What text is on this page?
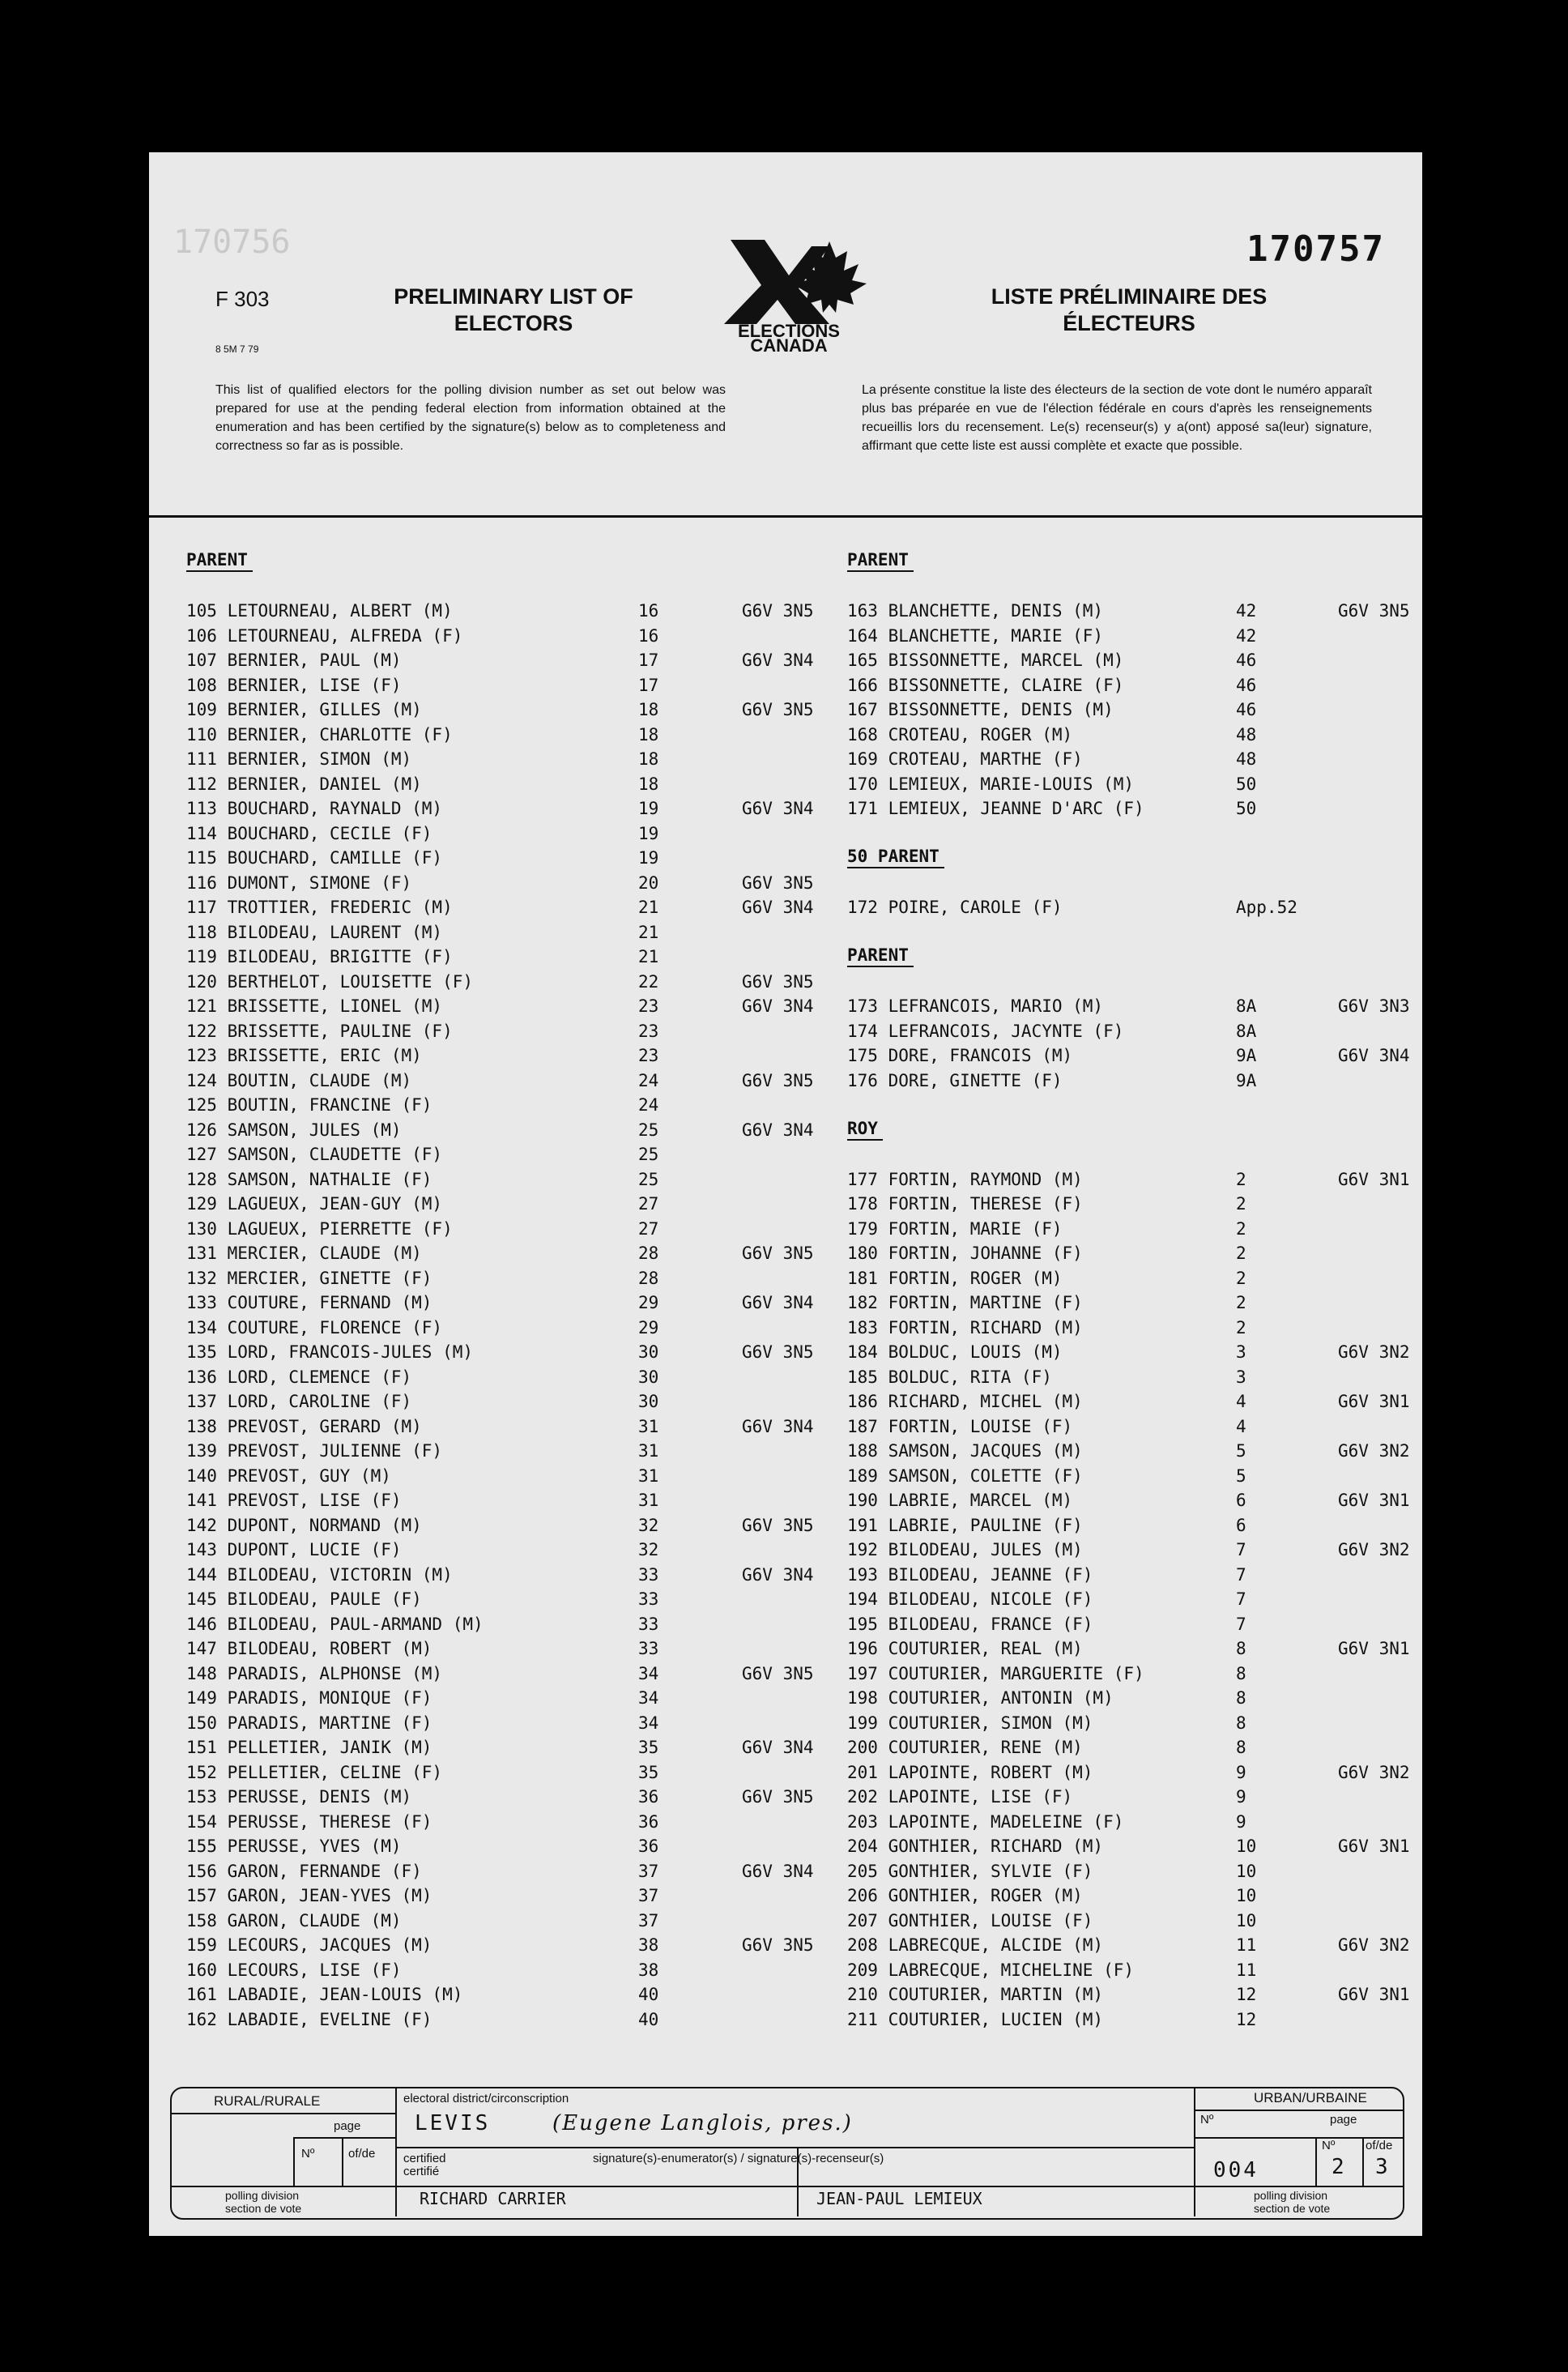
170756	170757
F 303
8 5M 7 79
PRELIMINARY LIST OF ELECTORS
LISTE PRÉLIMINAIRE DES ÉLECTEURS
ELECTIONS
CANADA
This list of qualified electors for the polling division number as set out below was prepared for use at the pending federal election from information obtained at the enumeration and has been certified by the signature(s) below as to completeness and correctness so far as is possible.
La présente constitue la liste des électeurs de la section de vote dont le numéro apparaît plus bas préparée en vue de l'élection fédérale en cours d'après les renseignements recueillis lors du recensement. Le(s) recenseur(s) y a(ont) apposé sa(leur) signature, affirmant que cette liste est aussi complète et exacte que possible.
PARENT
105 LETOURNEAU, ALBERT (M)	16	G6V 3N5
106 LETOURNEAU, ALFREDA (F)	16
107 BERNIER, PAUL (M)	17	G6V 3N4
108 BERNIER, LISE (F)	17
109 BERNIER, GILLES (M)	18	G6V 3N5
110 BERNIER, CHARLOTTE (F)	18
111 BERNIER, SIMON (M)	18
112 BERNIER, DANIEL (M)	18
113 BOUCHARD, RAYNALD (M)	19	G6V 3N4
114 BOUCHARD, CECILE (F)	19
115 BOUCHARD, CAMILLE (F)	19
116 DUMONT, SIMONE (F)	20	G6V 3N5
117 TROTTIER, FREDERIC (M)	21	G6V 3N4
118 BILODEAU, LAURENT (M)	21
119 BILODEAU, BRIGITTE (F)	21
120 BERTHELOT, LOUISETTE (F)	22	G6V 3N5
121 BRISSETTE, LIONEL (M)	23	G6V 3N4
122 BRISSETTE, PAULINE (F)	23
123 BRISSETTE, ERIC (M)	23
124 BOUTIN, CLAUDE (M)	24	G6V 3N5
125 BOUTIN, FRANCINE (F)	24
126 SAMSON, JULES (M)	25	G6V 3N4
127 SAMSON, CLAUDETTE (F)	25
128 SAMSON, NATHALIE (F)	25
129 LAGUEUX, JEAN-GUY (M)	27
130 LAGUEUX, PIERRETTE (F)	27
131 MERCIER, CLAUDE (M)	28	G6V 3N5
132 MERCIER, GINETTE (F)	28
133 COUTURE, FERNAND (M)	29	G6V 3N4
134 COUTURE, FLORENCE (F)	29
135 LORD, FRANCOIS-JULES (M)	30	G6V 3N5
136 LORD, CLEMENCE (F)	30
137 LORD, CAROLINE (F)	30
138 PREVOST, GERARD (M)	31	G6V 3N4
139 PREVOST, JULIENNE (F)	31
140 PREVOST, GUY (M)	31
141 PREVOST, LISE (F)	31
142 DUPONT, NORMAND (M)	32	G6V 3N5
143 DUPONT, LUCIE (F)	32
144 BILODEAU, VICTORIN (M)	33	G6V 3N4
145 BILODEAU, PAULE (F)	33
146 BILODEAU, PAUL-ARMAND (M)	33
147 BILODEAU, ROBERT (M)	33
148 PARADIS, ALPHONSE (M)	34	G6V 3N5
149 PARADIS, MONIQUE (F)	34
150 PARADIS, MARTINE (F)	34
151 PELLETIER, JANIK (M)	35	G6V 3N4
152 PELLETIER, CELINE (F)	35
153 PERUSSE, DENIS (M)	36	G6V 3N5
154 PERUSSE, THERESE (F)	36
155 PERUSSE, YVES (M)	36
156 GARON, FERNANDE (F)	37	G6V 3N4
157 GARON, JEAN-YVES (M)	37
158 GARON, CLAUDE (M)	37
159 LECOURS, JACQUES (M)	38	G6V 3N5
160 LECOURS, LISE (F)	38
161 LABADIE, JEAN-LOUIS (M)	40
162 LABADIE, EVELINE (F)	40
PARENT
163 BLANCHETTE, DENIS (M)	42	G6V 3N5
164 BLANCHETTE, MARIE (F)	42
165 BISSONNETTE, MARCEL (M)	46
166 BISSONNETTE, CLAIRE (F)	46
167 BISSONNETTE, DENIS (M)	46
168 CROTEAU, ROGER (M)	48
169 CROTEAU, MARTHE (F)	48
170 LEMIEUX, MARIE-LOUIS (M)	50
171 LEMIEUX, JEANNE D'ARC (F)	50
50 PARENT
172 POIRE, CAROLE (F)	App.52
PARENT
173 LEFRANCOIS, MARIO (M)	8A	G6V 3N3
174 LEFRANCOIS, JACYNTE (F)	8A
175 DORE, FRANCOIS (M)	9A	G6V 3N4
176 DORE, GINETTE (F)	9A
ROY
177 FORTIN, RAYMOND (M)	2	G6V 3N1
178 FORTIN, THERESE (F)	2
179 FORTIN, MARIE (F)	2
180 FORTIN, JOHANNE (F)	2
181 FORTIN, ROGER (M)	2
182 FORTIN, MARTINE (F)	2
183 FORTIN, RICHARD (M)	2
184 BOLDUC, LOUIS (M)	3	G6V 3N2
185 BOLDUC, RITA (F)	3
186 RICHARD, MICHEL (M)	4	G6V 3N1
187 FORTIN, LOUISE (F)	4
188 SAMSON, JACQUES (M)	5	G6V 3N2
189 SAMSON, COLETTE (F)	5
190 LABRIE, MARCEL (M)	6	G6V 3N1
191 LABRIE, PAULINE (F)	6
192 BILODEAU, JULES (M)	7	G6V 3N2
193 BILODEAU, JEANNE (F)	7
194 BILODEAU, NICOLE (F)	7
195 BILODEAU, FRANCE (F)	7
196 COUTURIER, REAL (M)	8	G6V 3N1
197 COUTURIER, MARGUERITE (F)	8
198 COUTURIER, ANTONIN (M)	8
199 COUTURIER, SIMON (M)	8
200 COUTURIER, RENE (M)	8
201 LAPOINTE, ROBERT (M)	9	G6V 3N2
202 LAPOINTE, LISE (F)	9
203 LAPOINTE, MADELEINE (F)	9
204 GONTHIER, RICHARD (M)	10	G6V 3N1
205 GONTHIER, SYLVIE (F)	10
206 GONTHIER, ROGER (M)	10
207 GONTHIER, LOUISE (F)	10
208 LABRECQUE, ALCIDE (M)	11	G6V 3N2
209 LABRECQUE, MICHELINE (F)	11
210 COUTURIER, MARTIN (M)	12	G6V 3N1
211 COUTURIER, LUCIEN (M)	12
RURAL/RURALE
page
Nº	of/de
polling division
section de vote
electoral district/circonscription
LEVIS	(Eugene Langlois, pres.)
certified
certifié
signature(s)-enumerator(s) / signature(s)-recenseur(s)
RICHARD CARRIER	JEAN-PAUL LEMIEUX
URBAN/URBAINE
Nº	page
Nº	of/de
004	2 3
polling division
section de vote
